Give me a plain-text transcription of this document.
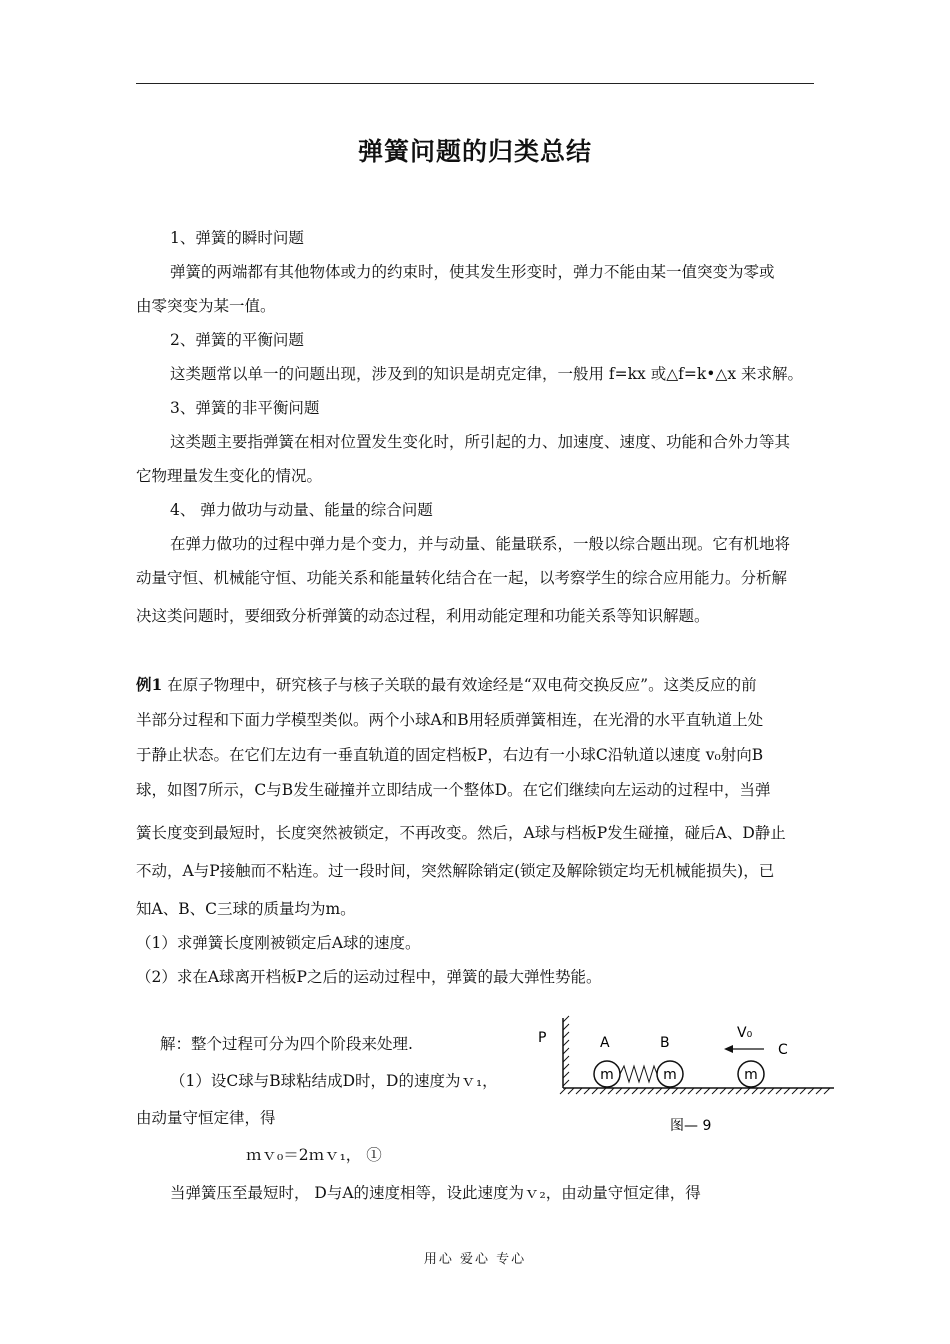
弹簧问题的归类总结
1、弹簧的瞬时问题
弹簧的两端都有其他物体或力的约束时，使其发生形变时，弹力不能由某一值突变为零或
由零突变为某一值。
2、弹簧的平衡问题
这类题常以单一的问题出现，涉及到的知识是胡克定律，一般用 f=kx 或△f=k•△x 来求解。
3、弹簧的非平衡问题
这类题主要指弹簧在相对位置发生变化时，所引起的力、加速度、速度、功能和合外力等其
它物理量发生变化的情况。
4、 弹力做功与动量、能量的综合问题
在弹力做功的过程中弹力是个变力，并与动量、能量联系，一般以综合题出现。它有机地将
动量守恒、机械能守恒、功能关系和能量转化结合在一起，以考察学生的综合应用能力。分析解
决这类问题时，要细致分析弹簧的动态过程，利用动能定理和功能关系等知识解题。
例1 在原子物理中，研究核子与核子关联的最有效途经是“双电荷交换反应”。这类反应的前
半部分过程和下面力学模型类似。两个小球A和B用轻质弹簧相连，在光滑的水平直轨道上处
于静止状态。在它们左边有一垂直轨道的固定档板P，右边有一小球C沿轨道以速度 v₀射向B
球，如图7所示，C与B发生碰撞并立即结成一个整体D。在它们继续向左运动的过程中，当弹
簧长度变到最短时，长度突然被锁定，不再改变。然后，A球与档板P发生碰撞，碰后A、D静止
不动，A与P接触而不粘连。过一段时间，突然解除销定(锁定及解除锁定均无机械能损失)，已
知A、B、C三球的质量均为m。
（1）求弹簧长度刚被锁定后A球的速度。
（2）求在A球离开档板P之后的运动过程中，弹簧的最大弹性势能。
解：整个过程可分为四个阶段来处理.
（1）设C球与B球粘结成D时，D的速度为ｖ₁，
由动量守恒定律，得
ｍｖ₀＝2ｍｖ₁， ①
当弹簧压至最短时， D与A的速度相等，设此速度为ｖ₂，由动量守恒定律，得
m	m	m
P	A	B	C
V₀
图— 9
用心 爱心 专心
